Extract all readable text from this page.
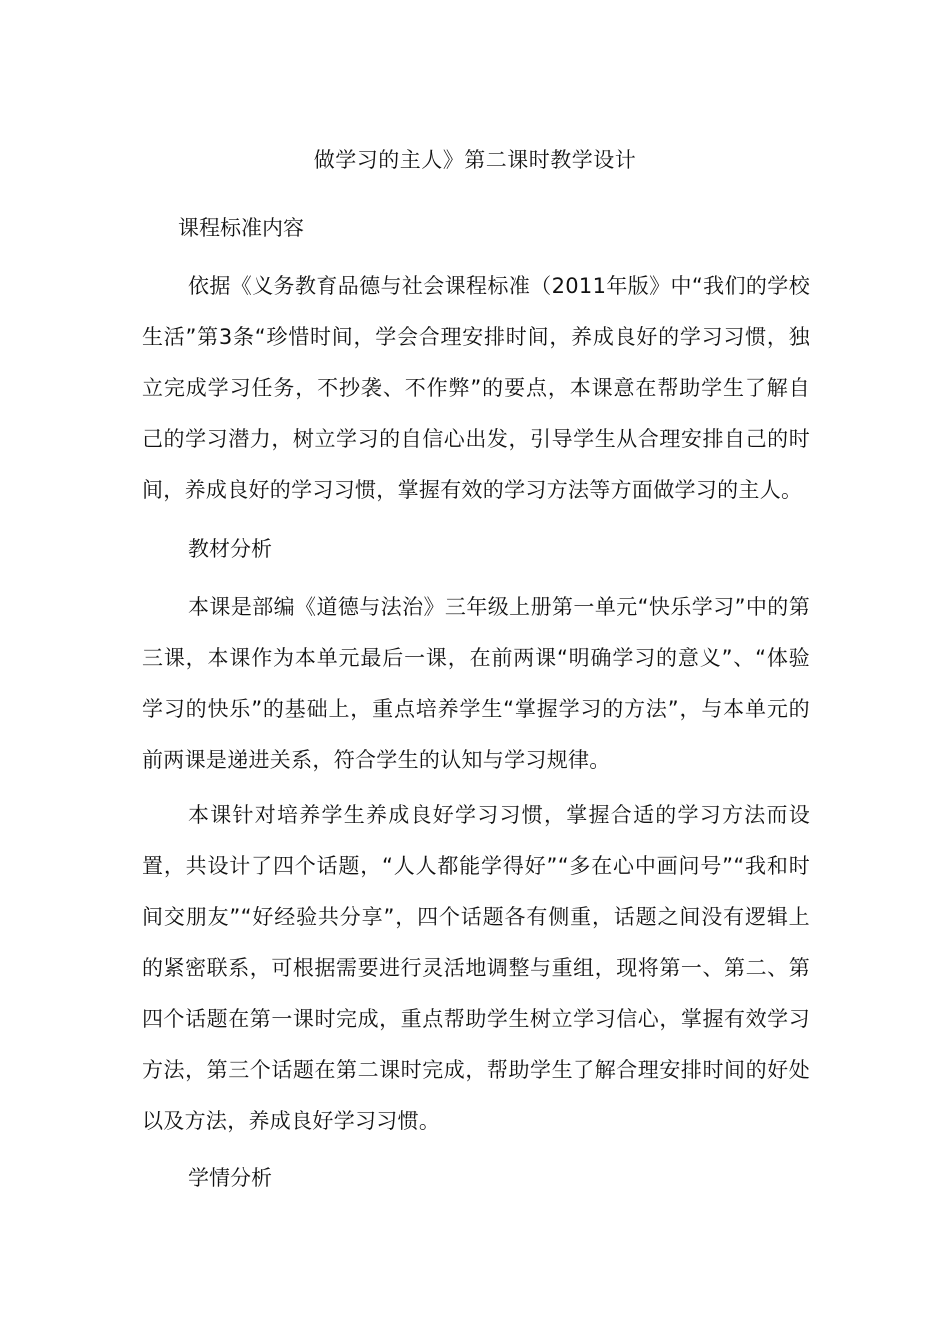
做学习的主人》第二课时教学设计
课程标准内容

依据《义务教育品德与社会课程标准（2011年版》中“我们的学校生活”第3条“珍惜时间，学会合理安排时间，养成良好的学习习惯，独立完成学习任务，不抄袭、不作弊”的要点，本课意在帮助学生了解自己的学习潜力，树立学习的自信心出发，引导学生从合理安排自己的时间，养成良好的学习习惯，掌握有效的学习方法等方面做学习的主人。

教材分析

本课是部编《道德与法治》三年级上册第一单元“快乐学习”中的第三课，本课作为本单元最后一课，在前两课“明确学习的意义”、“体验学习的快乐”的基础上，重点培养学生“掌握学习的方法”，与本单元的前两课是递进关系，符合学生的认知与学习规律。

本课针对培养学生养成良好学习习惯，掌握合适的学习方法而设置，共设计了四个话题，“人人都能学得好”“多在心中画问号”“我和时间交朋友”“好经验共分享”，四个话题各有侧重，话题之间没有逻辑上的紧密联系，可根据需要进行灵活地调整与重组，现将第一、第二、第四个话题在第一课时完成，重点帮助学生树立学习信心，掌握有效学习方法，第三个话题在第二课时完成，帮助学生了解合理安排时间的好处以及方法，养成良好学习习惯。

学情分析
